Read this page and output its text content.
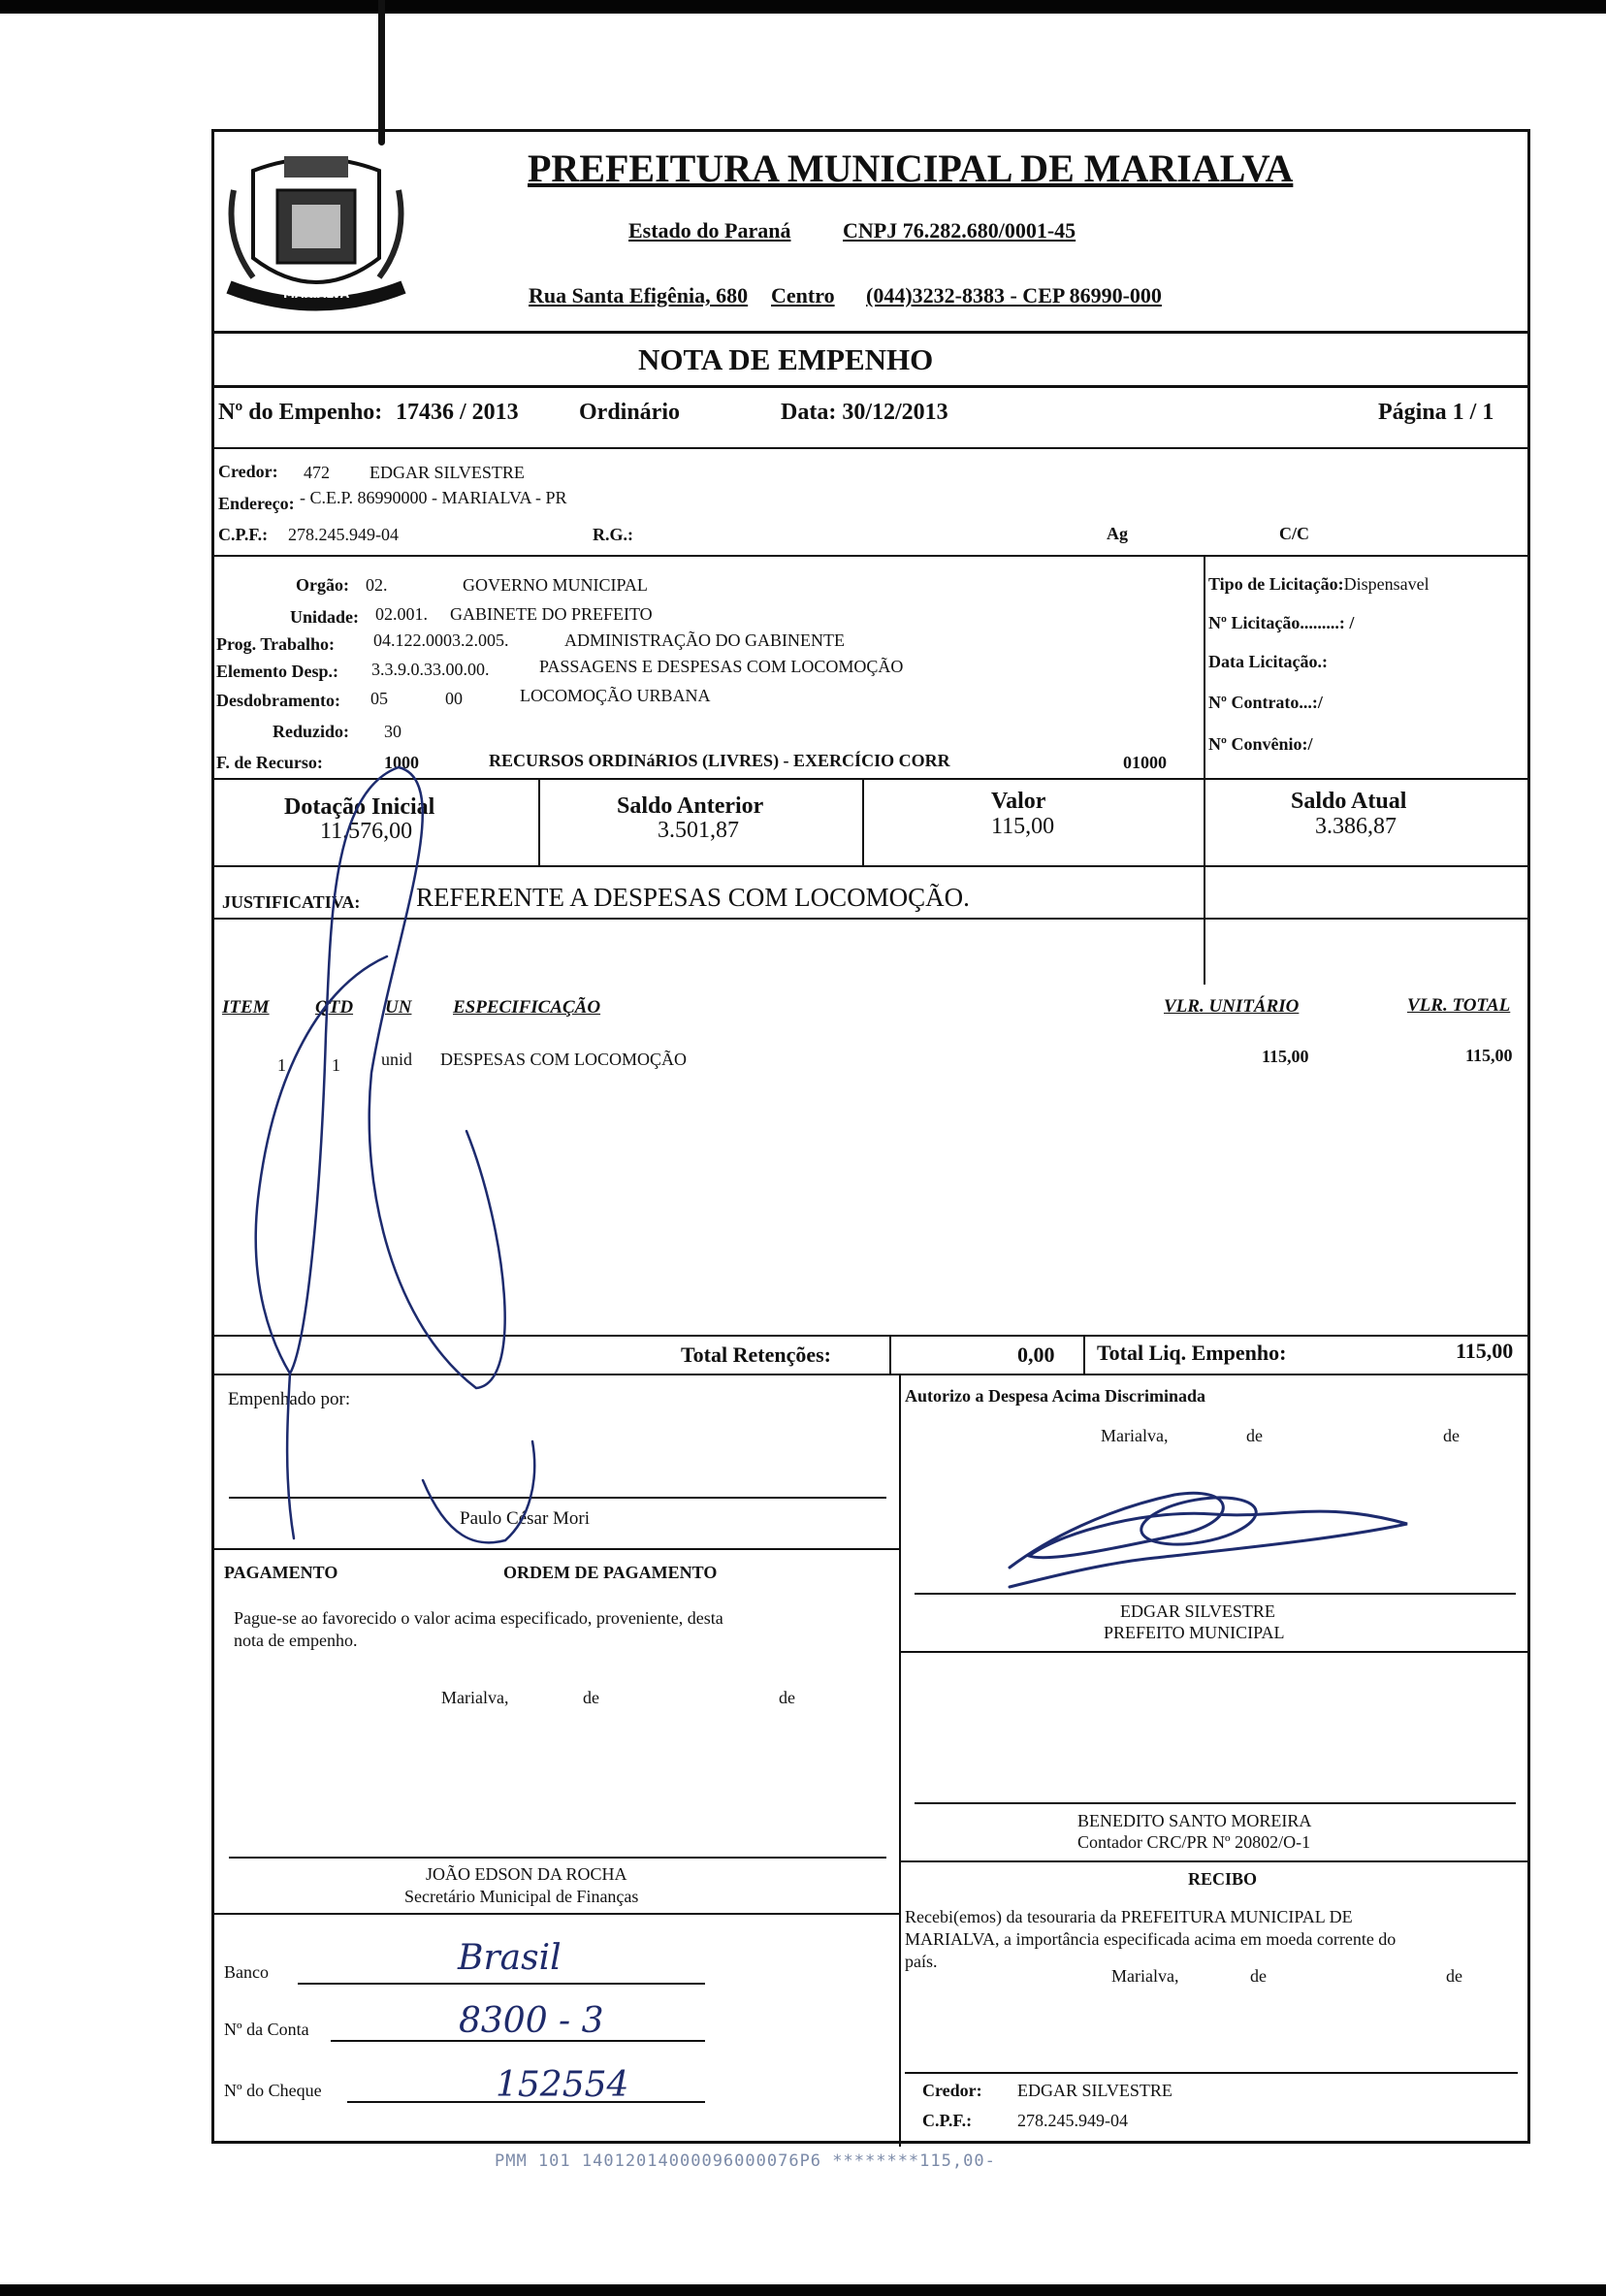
MARIALVA
PREFEITURA MUNICIPAL DE MARIALVA
Estado do Paraná CNPJ 76.282.680/0001-45
Rua Santa Efigênia, 680 Centro (044)3232-8383 - CEP 86990-000
NOTA DE EMPENHO
Nº do Empenho: 17436 / 2013	Ordinário	Data: 30/12/2013	Página 1 / 1
Credor: 472 EDGAR SILVESTRE
Endereço: - C.E.P. 86990000 - MARIALVA - PR
C.P.F.: 278.245.949-04	R.G.:	Ag	C/C
Orgão: 02.	GOVERNO MUNICIPAL
Unidade: 02.001. GABINETE DO PREFEITO
Prog. Trabalho: 04.122.0003.2.005.	ADMINISTRAÇÃO DO GABINENTE
Elemento Desp.: 3.3.9.0.33.00.00.	PASSAGENS E DESPESAS COM LOCOMOÇÃO
Desdobramento: 05	00	LOCOMOÇÃO URBANA
Reduzido: 30
F. de Recurso:	1000	RECURSOS ORDINáRIOS (LIVRES) - EXERCÍCIO CORR	01000
Tipo de Licitação:Dispensavel
Nº Licitação.........: /
Data Licitação.:
Nº Contrato...:/
Nº Convênio:/
Dotação Inicial
11.576,00
Saldo Anterior
3.501,87
Valor
115,00
Saldo Atual
3.386,87
JUSTIFICATIVA: REFERENTE A DESPESAS COM LOCOMOÇÃO.
ITEM QTD UN ESPECIFICAÇÃO	VLR. UNITÁRIO	VLR. TOTAL
1	1 unid DESPESAS COM LOCOMOÇÃO	115,00	115,00
Total Retenções:	0,00 Total Liq. Empenho:	115,00
Empenhado por:
Paulo César Mori
Autorizo a Despesa Acima Discriminada
Marialva,	de	de
EDGAR SILVESTRE
PREFEITO MUNICIPAL
PAGAMENTO	ORDEM DE PAGAMENTO
Pague-se ao favorecido o valor acima especificado, proveniente, desta
nota de empenho.
Marialva,	de	de
JOÃO EDSON DA ROCHA
Secretário Municipal de Finanças
BENEDITO SANTO MOREIRA
Contador CRC/PR Nº 20802/O-1
RECIBO
Recebi(emos) da tesouraria da PREFEITURA MUNICIPAL DE
MARIALVA, a importância especificada acima em moeda corrente do
país.
Marialva,	de	de
Credor: EDGAR SILVESTRE
C.P.F.:	278.245.949-04
Banco	Brasil
Nº da Conta	8300 - 3
Nº do Cheque	152554
PMM 101 14012014000096000076P6 ********115,00-
